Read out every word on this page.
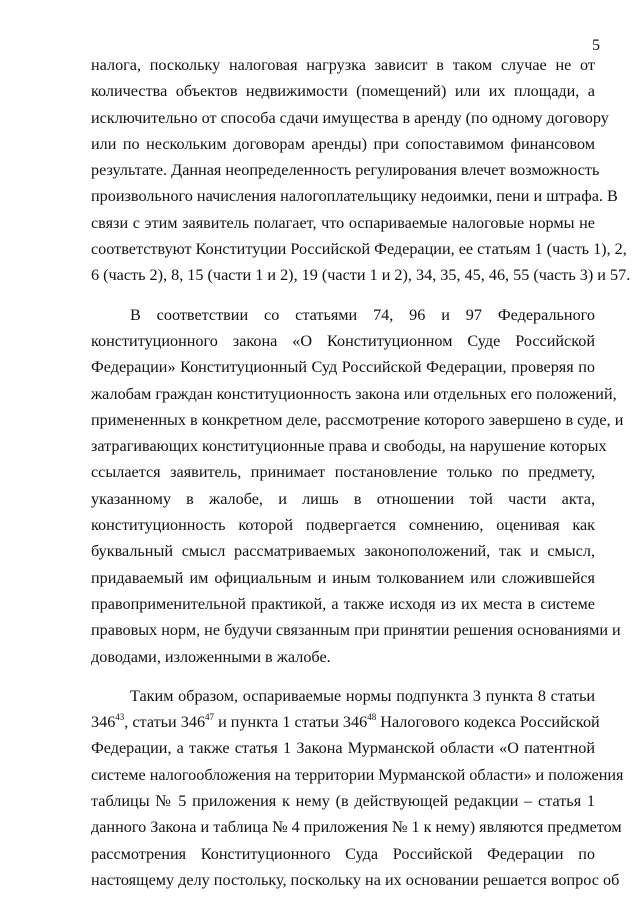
5
налога, поскольку налоговая нагрузка зависит в таком случае не от
количества объектов недвижимости (помещений) или их площади, а
исключительно от способа сдачи имущества в аренду (по одному договору
или по нескольким договорам аренды) при сопоставимом финансовом
результате. Данная неопределенность регулирования влечет возможность
произвольного начисления налогоплательщику недоимки, пени и штрафа. В
связи с этим заявитель полагает, что оспариваемые налоговые нормы не
соответствуют Конституции Российской Федерации, ее статьям 1 (часть 1), 2,
6 (часть 2), 8, 15 (части 1 и 2), 19 (части 1 и 2), 34, 35, 45, 46, 55 (часть 3) и 57.
В соответствии со статьями 74, 96 и 97 Федерального
конституционного закона «О Конституционном Суде Российской
Федерации» Конституционный Суд Российской Федерации, проверяя по
жалобам граждан конституционность закона или отдельных его положений,
примененных в конкретном деле, рассмотрение которого завершено в суде, и
затрагивающих конституционные права и свободы, на нарушение которых
ссылается заявитель, принимает постановление только по предмету,
указанному в жалобе, и лишь в отношении той части акта,
конституционность которой подвергается сомнению, оценивая как
буквальный смысл рассматриваемых законоположений, так и смысл,
придаваемый им официальным и иным толкованием или сложившейся
правоприменительной практикой, а также исходя из их места в системе
правовых норм, не будучи связанным при принятии решения основаниями и
доводами, изложенными в жалобе.
Таким образом, оспариваемые нормы подпункта 3 пункта 8 статьи
$346^{43}$, статьи $346^{47}$ и пункта 1 статьи $346^{48}$ Налогового кодекса Российской
Федерации, а также статья 1 Закона Мурманской области «О патентной
системе налогообложения на территории Мурманской области» и положения
таблицы № 5 приложения к нему (в действующей редакции – статья 1
данного Закона и таблица № 4 приложения № 1 к нему) являются предметом
рассмотрения Конституционного Суда Российской Федерации по
настоящему делу постольку, поскольку на их основании решается вопрос об
